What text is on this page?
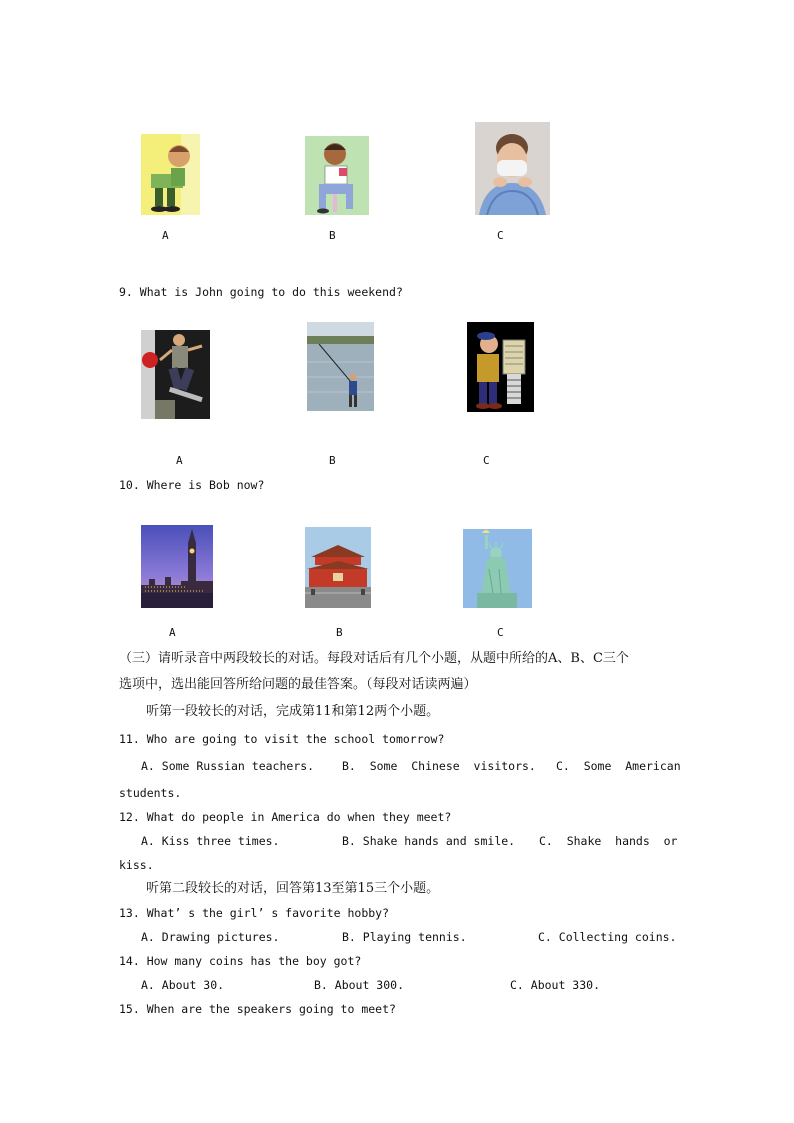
A	B	C
9. What is John going to do this weekend?
A	B	C
10. Where is Bob now?
A	B	C
（三）请听录音中两段较长的对话。每段对话后有几个小题，从题中所给的A、B、C三个
选项中，选出能回答所给问题的最佳答案。（每段对话读两遍）
听第一段较长的对话，完成第11和第12两个小题。
11. Who are going to visit the school tomorrow?
A. Some Russian teachers. B.  Some  Chinese  visitors. C.  Some  American
students.
12. What do people in America do when they meet?
A. Kiss three times.	B. Shake hands and smile. C.  Shake  hands  or
kiss.
听第二段较长的对话，回答第13至第15三个小题。
13. What’ s the girl’ s favorite hobby?
A. Drawing pictures.	B. Playing tennis.	C. Collecting coins.
14. How many coins has the boy got?
A. About 30.	B. About 300.	C. About 330.
15. When are the speakers going to meet?
